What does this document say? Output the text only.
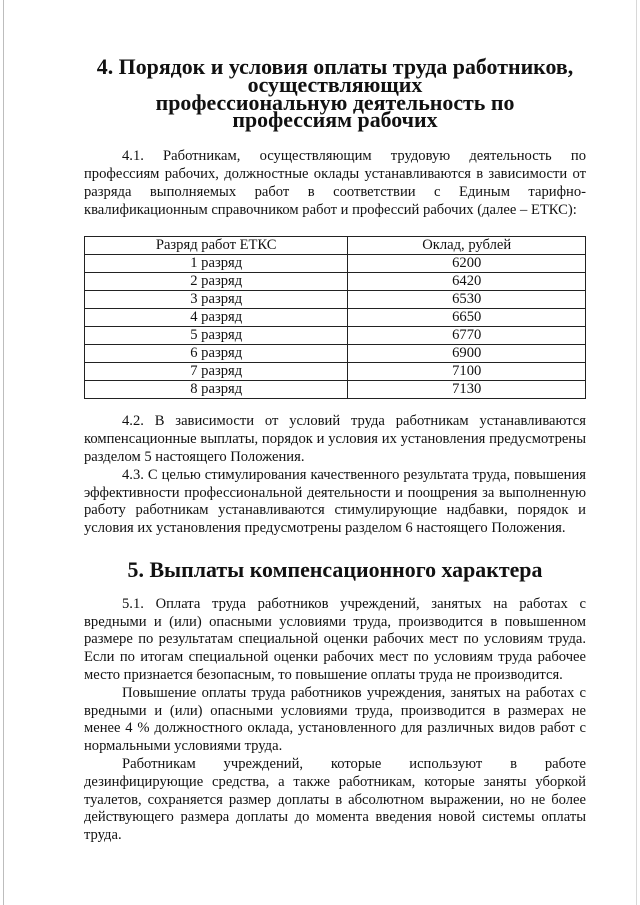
4. Порядок и условия оплаты труда работников, осуществляющих
профессиональную деятельность по профессиям рабочих

4.1. Работникам, осуществляющим трудовую деятельность по профессиям рабочих, должностные оклады устанавливаются в зависимости от разряда выполняемых работ в соответствии с Единым тарифно-квалификационным справочником работ и профессий рабочих (далее – ЕТКС):

Разряд работ ЕТКС	Оклад, рублей
1 разряд	6200
2 разряд	6420
3 разряд	6530
4 разряд	6650
5 разряд	6770
6 разряд	6900
7 разряд	7100
8 разряд	7130

4.2. В зависимости от условий труда работникам устанавливаются компенсационные выплаты, порядок и условия их установления предусмотрены разделом 5 настоящего Положения.

4.3. С целью стимулирования качественного результата труда, повышения эффективности профессиональной деятельности и поощрения за выполненную работу работникам устанавливаются стимулирующие надбавки, порядок и условия их установления предусмотрены разделом 6 настоящего Положения.

5. Выплаты компенсационного характера

5.1. Оплата труда работников учреждений, занятых на работах с вредными и (или) опасными условиями труда, производится в повышенном размере по результатам специальной оценки рабочих мест по условиям труда. Если по итогам специальной оценки рабочих мест по условиям труда рабочее место признается безопасным, то повышение оплаты труда не производится.

Повышение оплаты труда работников учреждения, занятых на работах с вредными и (или) опасными условиями труда, производится в размерах не менее 4 % должностного оклада, установленного для различных видов работ с нормальными условиями труда.

Работникам учреждений, которые используют в работе дезинфицирующие средства, а также работникам, которые заняты уборкой туалетов, сохраняется размер доплаты в абсолютном выражении, но не более действующего размера доплаты до момента введения новой системы оплаты труда.
